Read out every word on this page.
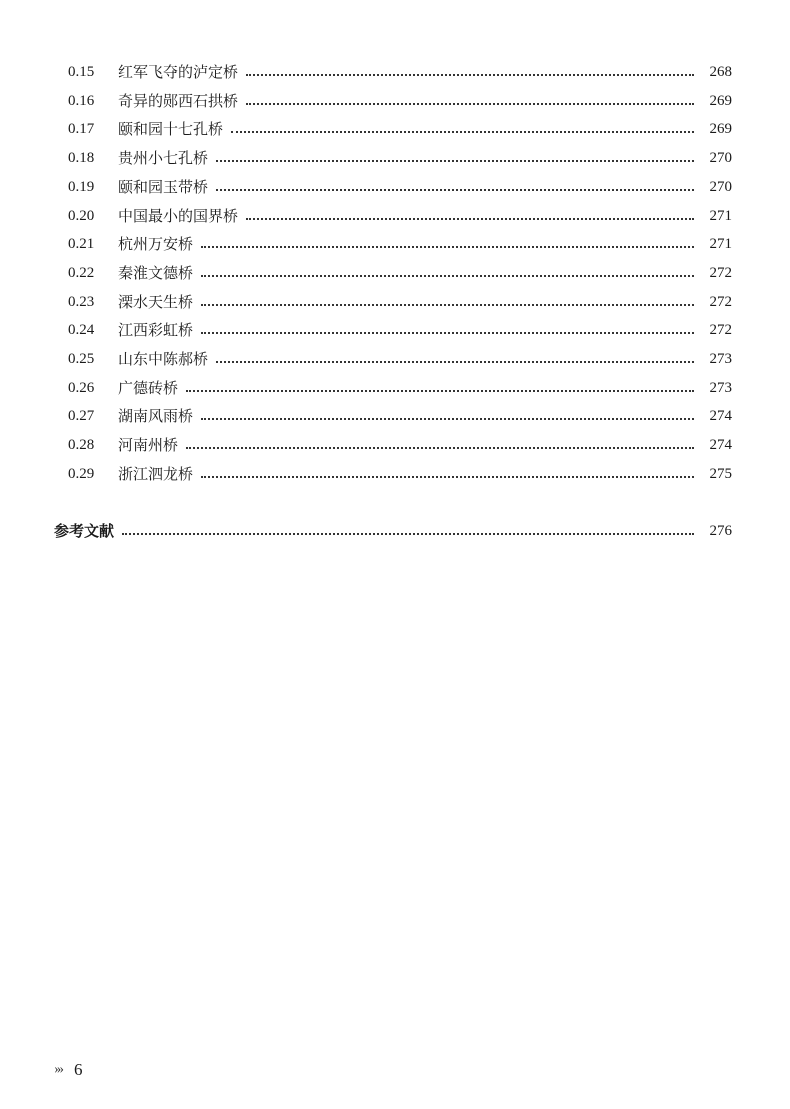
0.15	红军飞夺的泸定桥	268
0.16	奇异的郧西石拱桥	269
0.17	颐和园十七孔桥	269
0.18	贵州小七孔桥	270
0.19	颐和园玉带桥	270
0.20	中国最小的国界桥	271
0.21	杭州万安桥	271
0.22	秦淮文德桥	272
0.23	溧水天生桥	272
0.24	江西彩虹桥	272
0.25	山东中陈郝桥	273
0.26	广德砖桥	273
0.27	湖南风雨桥	274
0.28	河南州桥	274
0.29	浙江泗龙桥	275
参考文献	276
››› 6
